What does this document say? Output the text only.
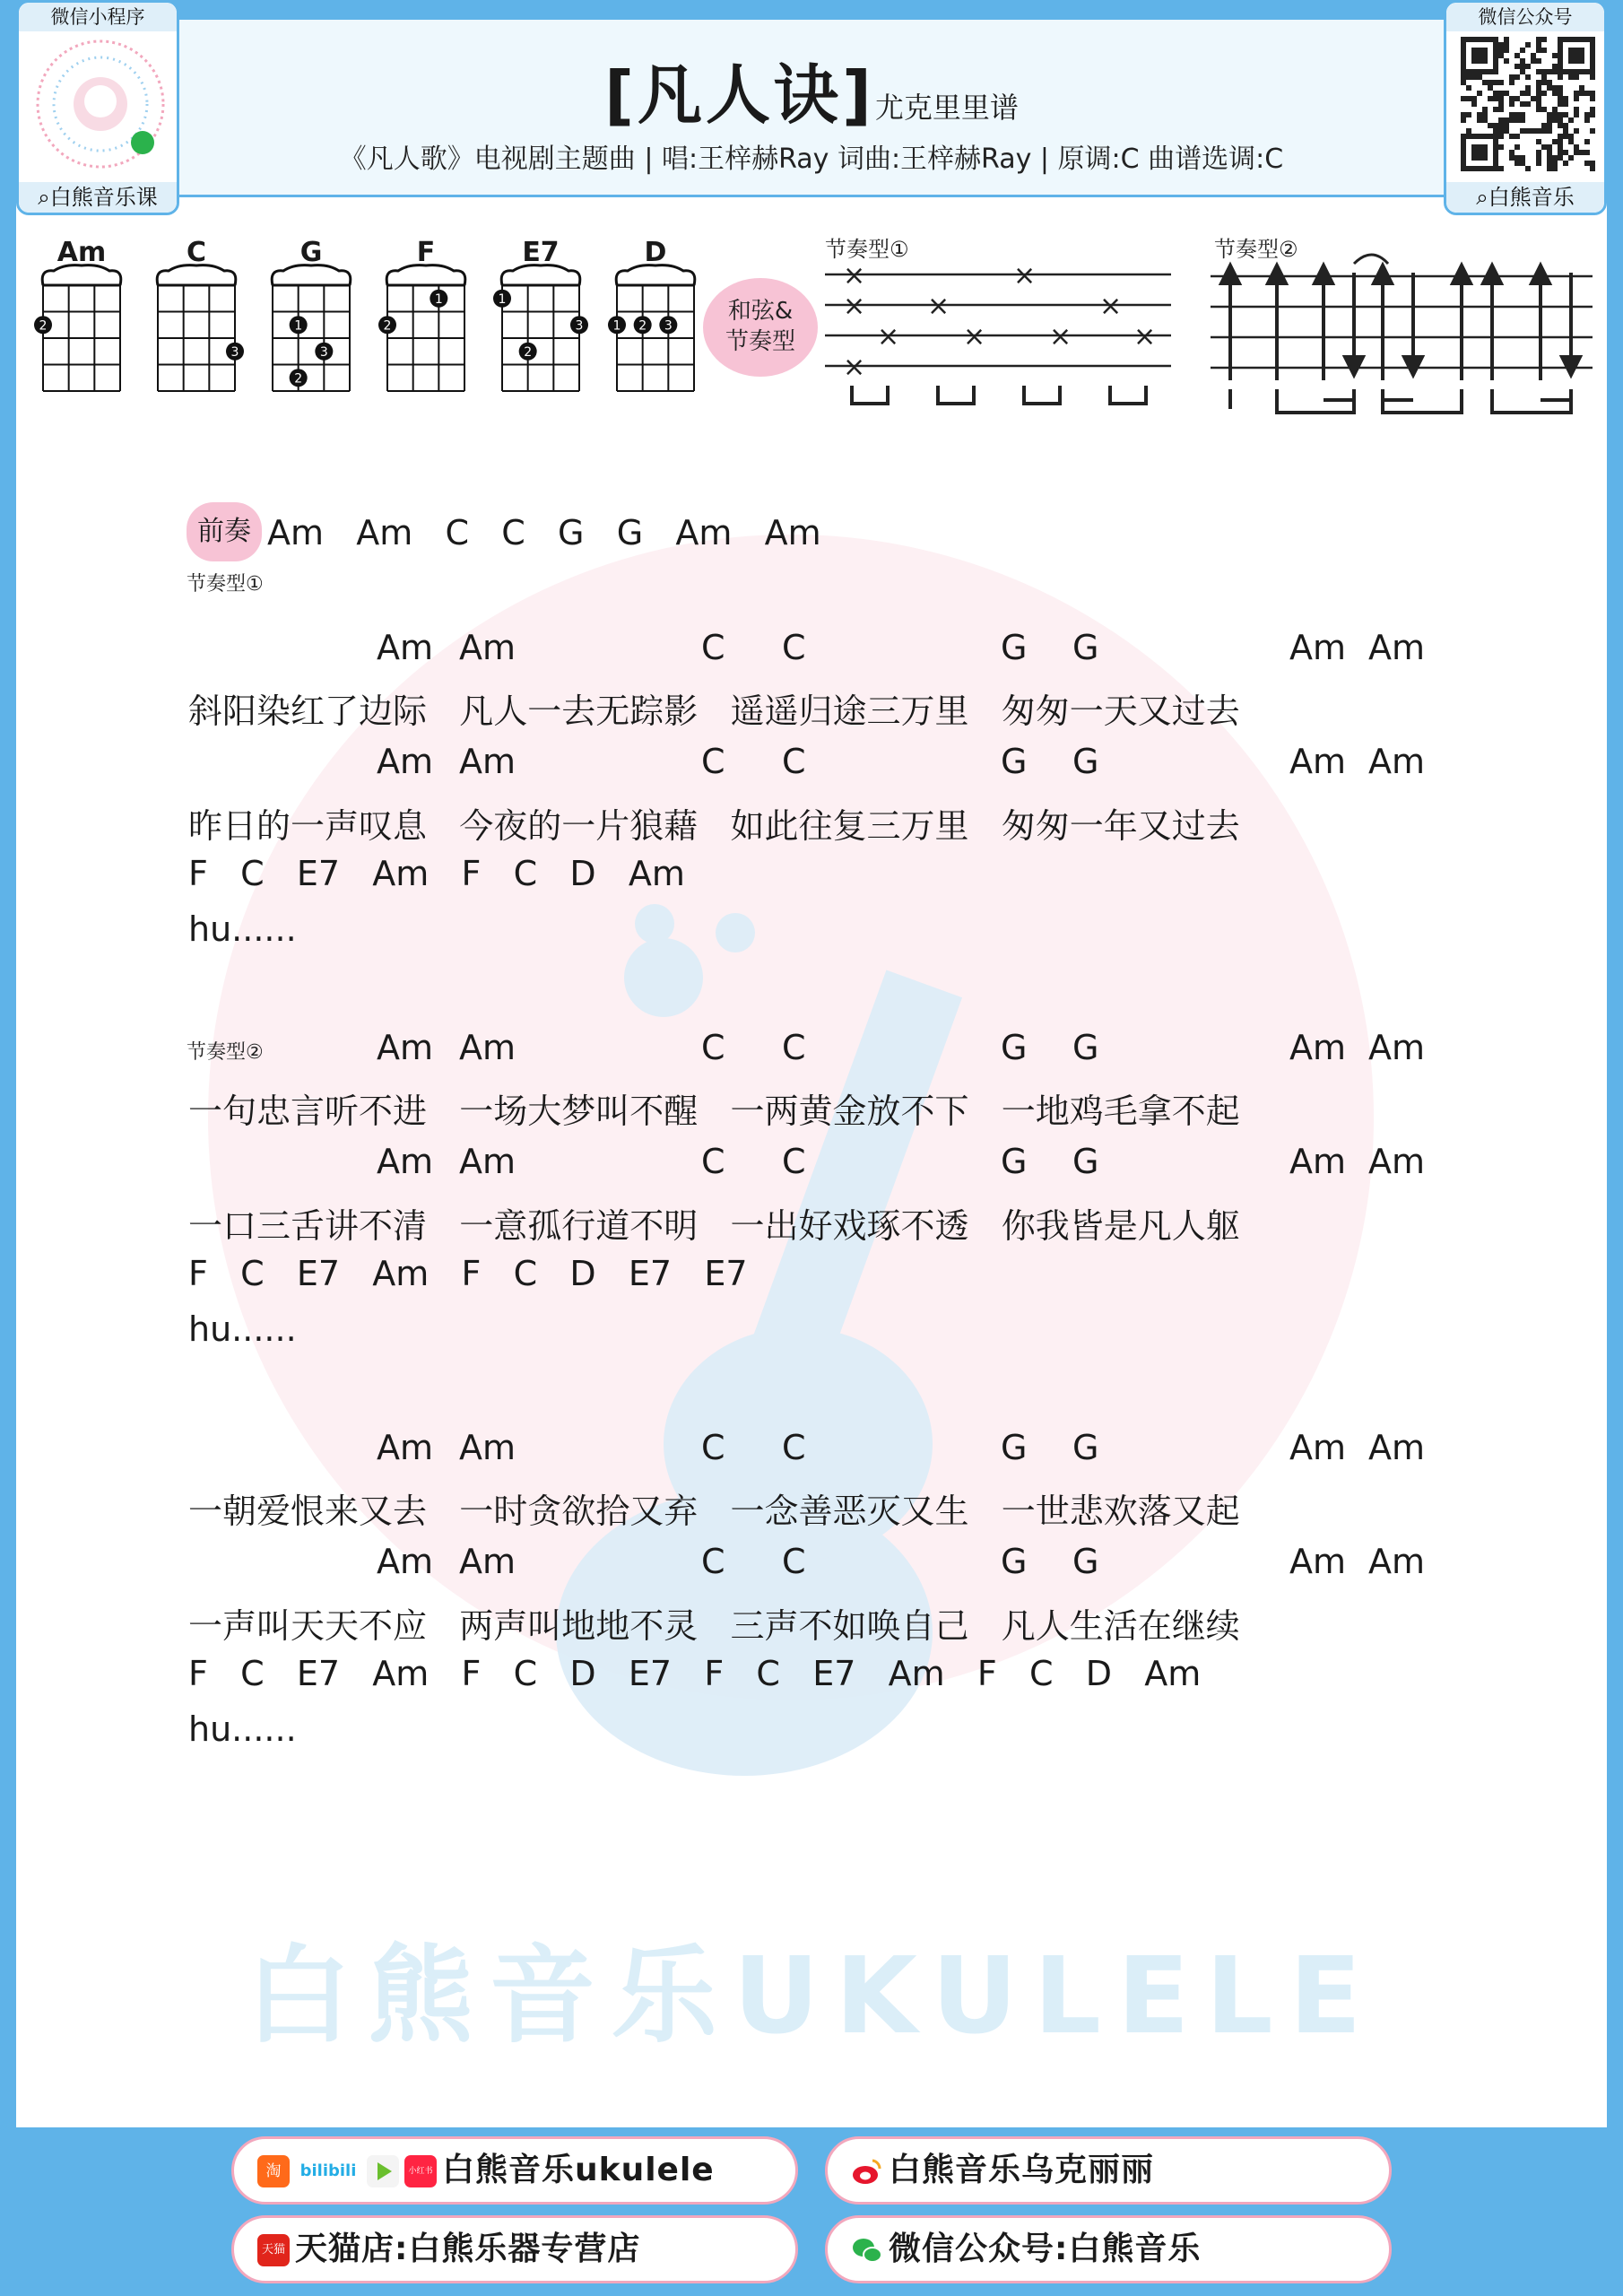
微信小程序
⌕白熊音乐课
微信公众号
⌕白熊音乐
[凡人诀]尤克里里谱
《凡人歌》电视剧主题曲 | 唱:王梓赫Ray 词曲:王梓赫Ray | 原调:C 曲谱选调:C
Am
2
C
3
G
1
3
2
F
2
1
E7
1
2
3
D
1 2 3
和弦&
节奏型
节奏型①
×	×
× ×	×
× × × ×
×
节奏型②
前奏 Am   Am   C   C   G   G   Am   Am
节奏型①
Am Am	C C	G G	Am Am
斜阳染红了边际   凡人一去无踪影   遥遥归途三万里   匆匆一天又过去
Am Am	C C	G G	Am Am
昨日的一声叹息   今夜的一片狼藉   如此往复三万里   匆匆一年又过去
F   C   E7   Am   F   C   D   Am
hu......
节奏型②	Am Am	C C	G G	Am Am
一句忠言听不进   一场大梦叫不醒   一两黄金放不下   一地鸡毛拿不起
Am Am	C C	G G	Am Am
一口三舌讲不清   一意孤行道不明   一出好戏琢不透   你我皆是凡人躯
F   C   E7   Am   F   C   D   E7   E7
hu......
Am Am	C C	G G	Am Am
一朝爱恨来又去   一时贪欲拾又弃   一念善恶灭又生   一世悲欢落又起
Am Am	C C	G G	Am Am
一声叫天天不应   两声叫地地不灵   三声不如唤自己   凡人生活在继续
F   C   E7   Am   F   C   D   E7   F   C   E7   Am   F   C   D   Am
hu......
白熊音乐UKULELE
淘 bilibili	小红书 白熊音乐ukulele	白熊音乐乌克丽丽
天猫 天猫店:白熊乐器专营店	微信公众号:白熊音乐
